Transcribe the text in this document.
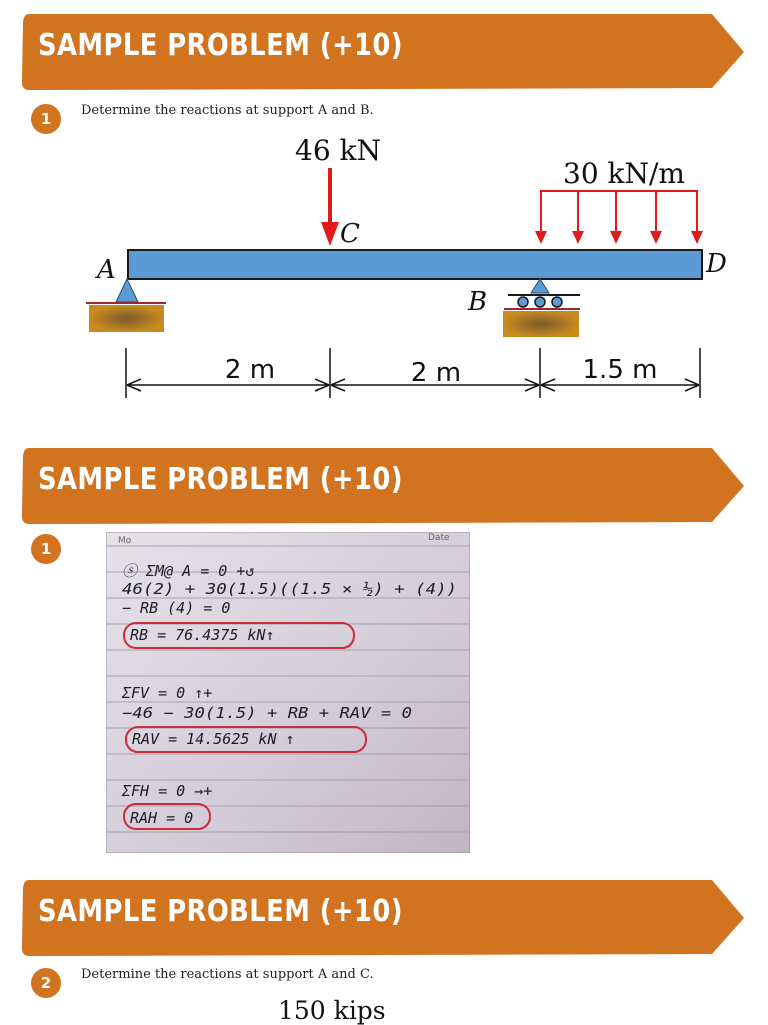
SAMPLE PROBLEM (+10)
1	Determine the reactions at support A and B.
46 kN
C
30 kN/m
A	D
B
2 m	2 m	1.5 m
SAMPLE PROBLEM (+10)
1	Mo	Date
ⓢ ΣM@ A = 0 +↺
46(2) + 30(1.5)((1.5 × ½) + (4))
− RB (4) = 0
RB = 76.4375 kN↑
ΣFV = 0 ↑+
−46 − 30(1.5) + RB + RAV = 0
RAV = 14.5625 kN ↑
ΣFH = 0 →+
RAH = 0
SAMPLE PROBLEM (+10)
2	Determine the reactions at support A and C.
150 kips
